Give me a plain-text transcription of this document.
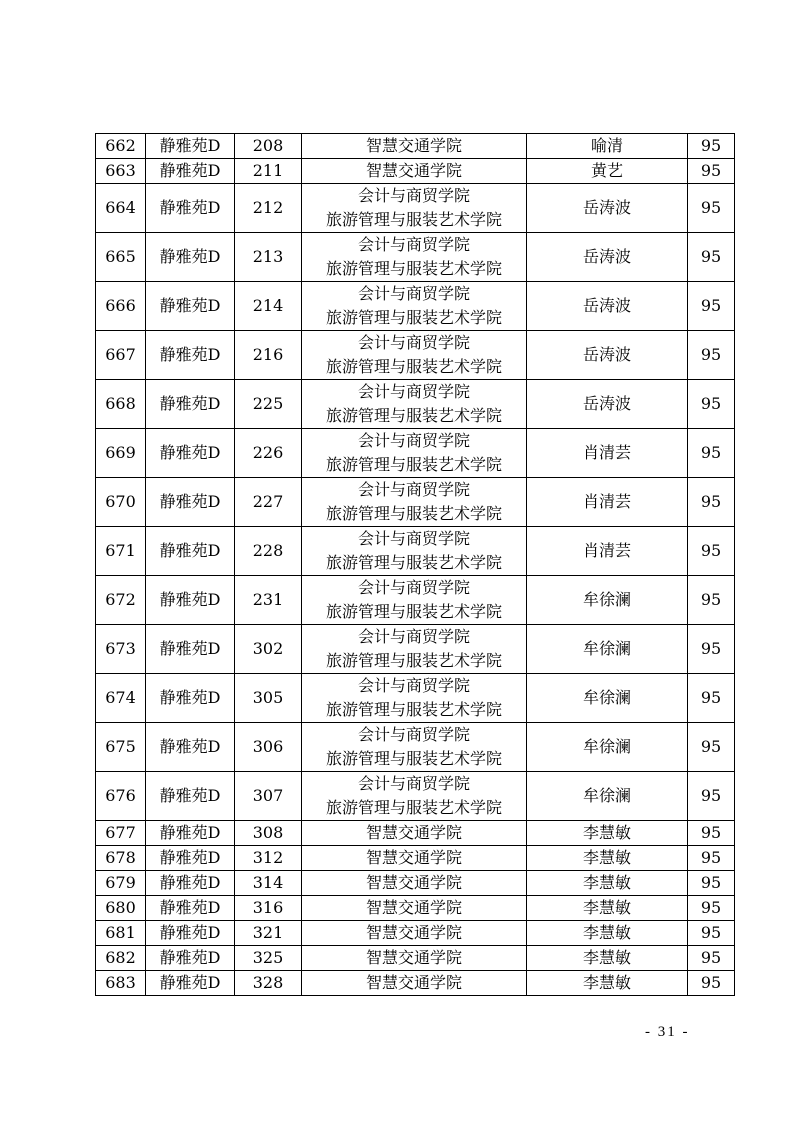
662	静雅苑D	208	智慧交通学院	喻清	95
663	静雅苑D	211	智慧交通学院	黄艺	95
664	静雅苑D	212	会计与商贸学院
旅游管理与服装艺术学院	岳涛波	95
665	静雅苑D	213	会计与商贸学院
旅游管理与服装艺术学院	岳涛波	95
666	静雅苑D	214	会计与商贸学院
旅游管理与服装艺术学院	岳涛波	95
667	静雅苑D	216	会计与商贸学院
旅游管理与服装艺术学院	岳涛波	95
668	静雅苑D	225	会计与商贸学院
旅游管理与服装艺术学院	岳涛波	95
669	静雅苑D	226	会计与商贸学院
旅游管理与服装艺术学院	肖清芸	95
670	静雅苑D	227	会计与商贸学院
旅游管理与服装艺术学院	肖清芸	95
671	静雅苑D	228	会计与商贸学院
旅游管理与服装艺术学院	肖清芸	95
672	静雅苑D	231	会计与商贸学院
旅游管理与服装艺术学院	牟徐澜	95
673	静雅苑D	302	会计与商贸学院
旅游管理与服装艺术学院	牟徐澜	95
674	静雅苑D	305	会计与商贸学院
旅游管理与服装艺术学院	牟徐澜	95
675	静雅苑D	306	会计与商贸学院
旅游管理与服装艺术学院	牟徐澜	95
676	静雅苑D	307	会计与商贸学院
旅游管理与服装艺术学院	牟徐澜	95
677	静雅苑D	308	智慧交通学院	李慧敏	95
678	静雅苑D	312	智慧交通学院	李慧敏	95
679	静雅苑D	314	智慧交通学院	李慧敏	95
680	静雅苑D	316	智慧交通学院	李慧敏	95
681	静雅苑D	321	智慧交通学院	李慧敏	95
682	静雅苑D	325	智慧交通学院	李慧敏	95
683	静雅苑D	328	智慧交通学院	李慧敏	95
- 31 -
